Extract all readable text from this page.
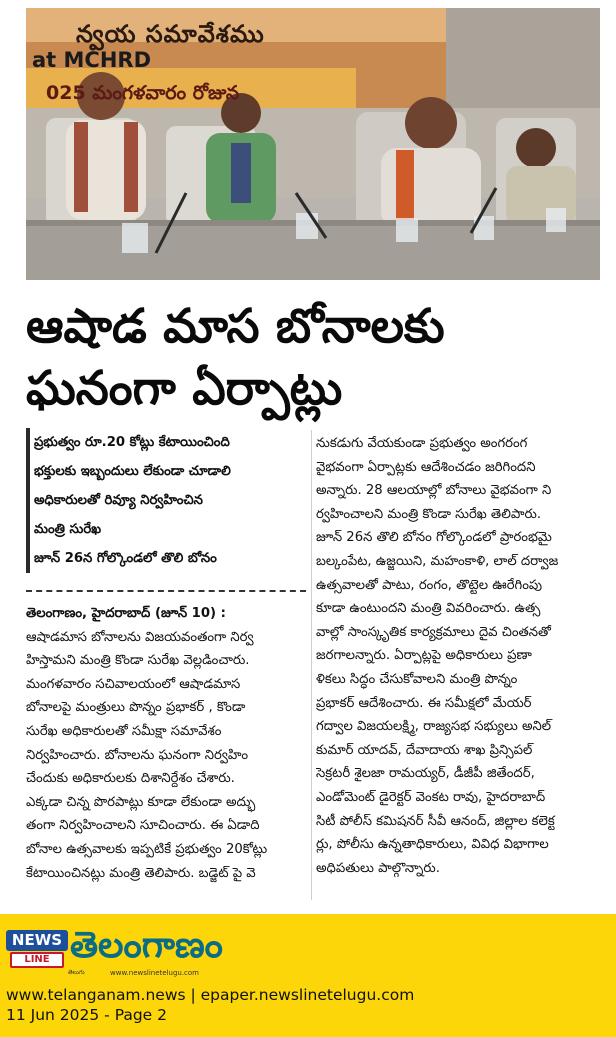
న్వయ సమావేశము
at MCHRD
025 మంగళవారం రోజున
ఆషాడ మాస బోనాలకు
ఘనంగా ఏర్పాట్లు
ప్రభుత్వం రూ.20 కోట్లు కేటాయించింది
భక్తులకు ఇబ్బందులు లేకుండా చూడాలి
అధికారులతో రివ్యూ నిర్వహించిన
మంత్రి సురేఖ
జూన్ 26న గోల్కొండలో తొలి బోనం

తెలంగాణం, హైదరాబాద్ (జూన్ 10) :

ఆషాడమాస బోనాలను విజయవంతంగా నిర్వ

హిస్తామని మంత్రి కొండా సురేఖ వెల్లడించారు.

మంగళవారం సచివాలయంలో ఆషాడమాస

బోనాలపై మంత్రులు పొన్నం ప్రభాకర్ , కొండా

సురేఖ అధికారులతో సమీక్షా సమావేశం

నిర్వహించారు. బోనాలను ఘనంగా నిర్వహిం

చేందుకు అధికారులకు దిశానిర్దేశం చేశారు.

ఎక్కడా చిన్న పొరపాట్లు కూడా లేకుండా అద్భు

తంగా నిర్వహించాలని సూచించారు. ఈ ఏడాది

బోనాల ఉత్సవాలకు ఇప్పటికే ప్రభుత్వం 20కోట్లు

కేటాయించినట్లు మంత్రి తెలిపారు. బడ్జెట్ పై వె

నుకడుగు వేయకుండా ప్రభుత్వం అంగరంగ

వైభవంగా ఏర్పాట్లకు ఆదేశించడం జరిగిందని

అన్నారు. 28 ఆలయాల్లో బోనాలు వైభవంగా ని

ర్వహించాలని మంత్రి కొండా సురేఖ తెలిపారు.

జూన్ 26న తొలి బోనం గోల్కొండలో ప్రారంభమై

బల్కంపేట, ఉజ్జయిని, మహంకాళి, లాల్ దర్వాజ

ఉత్సవాలతో పాటు, రంగం, తొట్టెల ఊరేగింపు

కూడా ఉంటుందని మంత్రి వివరించారు. ఉత్స

వాల్లో సాంస్కృతిక కార్యక్రమాలు దైవ చింతనతో

జరగాలన్నారు. ఏర్పాట్లపై అధికారులు ప్రణా

ళికలు సిద్ధం చేసుకోవాలని మంత్రి పొన్నం

ప్రభాకర్ ఆదేశించారు. ఈ సమీక్షలో మేయర్

గద్వాల విజయలక్ష్మి, రాజ్యసభ సభ్యులు అనిల్

కుమార్ యాదవ్, దేవాదాయ శాఖ ప్రిన్సిపల్

సెక్రటరీ శైలజా రామయ్యర్, డీజీపీ జితేందర్,

ఎండోమెంట్ డైరెక్టర్ వెంకట రావు, హైదరాబాద్

సిటీ పోలీస్ కమిషనర్ సీవీ ఆనంద్, జిల్లాల కలెక్ట

ర్లు, పోలీసు ఉన్నతాధికారులు, వివిధ విభాగాల

అధిపతులు పాల్గొన్నారు.

NEWS
LINE
తెలుగు
తెలంగాణం
www.newslinetelugu.com
www.telanganam.news | epaper.newslinetelugu.com
11 Jun 2025 - Page 2
